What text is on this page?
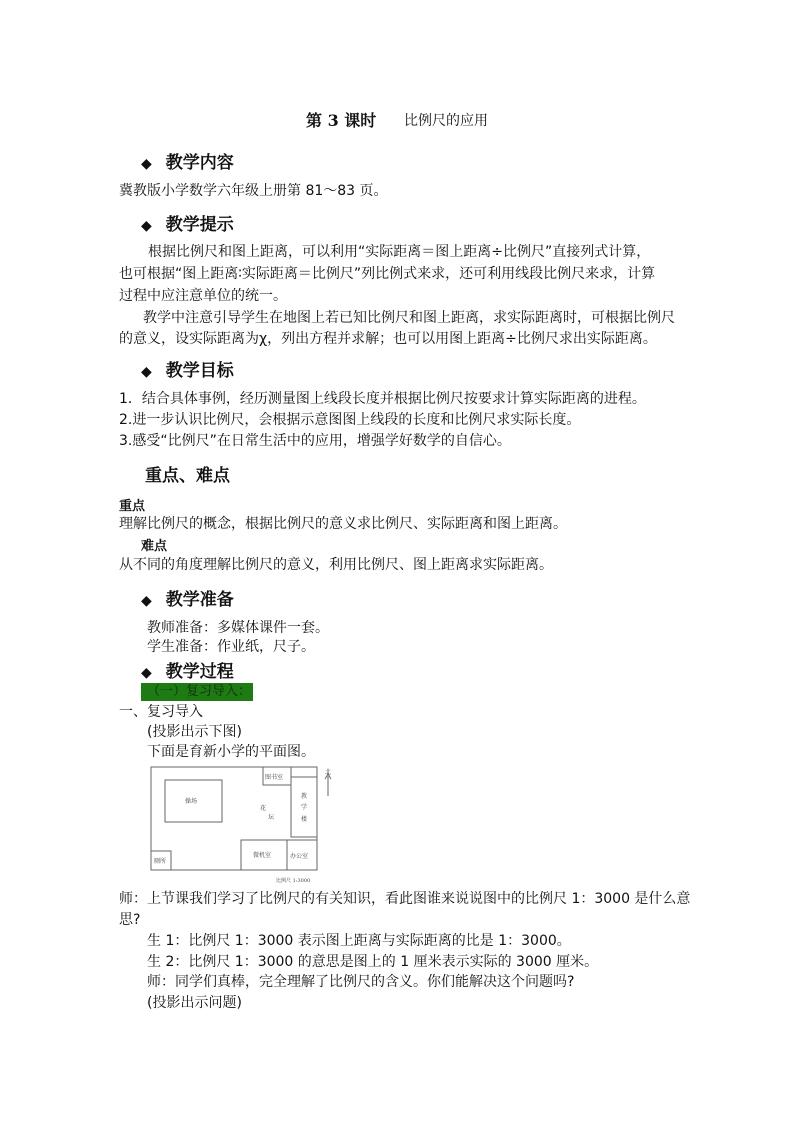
第 3 课时 比例尺的应用
◆ 教学内容
冀教版小学数学六年级上册第 81～83 页。
◆ 教学提示
根据比例尺和图上距离，可以利用“实际距离＝图上距离÷比例尺”直接列式计算，
也可根据“图上距离∶实际距离＝比例尺”列比例式来求，还可利用线段比例尺来求，计算
过程中应注意单位的统一。
教学中注意引导学生在地图上若已知比例尺和图上距离，求实际距离时，可根据比例尺
的意义，设实际距离为χ，列出方程并求解；也可以用图上距离÷比例尺求出实际距离。
◆ 教学目标
1．结合具体事例，经历测量图上线段长度并根据比例尺按要求计算实际距离的进程。
2.进一步认识比例尺，会根据示意图图上线段的长度和比例尺求实际长度。
3.感受“比例尺”在日常生活中的应用，增强学好数学的自信心。
重点、难点
重点
理解比例尺的概念，根据比例尺的意义求比例尺、实际距离和图上距离。
难点
从不同的角度理解比例尺的意义，利用比例尺、图上距离求实际距离。
◆ 教学准备
教师准备：多媒体课件一套。
学生准备：作业纸，尺子。
◆ 教学过程
（一）复习导入：
一、复习导入
(投影出示下图)
下面是育新小学的平面图。
图书室
操场
花
坛
教
学
楼
厕所
微机室	办公室
北
比例尺 1:3000
师：上节课我们学习了比例尺的有关知识，看此图谁来说说图中的比例尺 1：3000 是什么意
思?
生 1：比例尺 1：3000 表示图上距离与实际距离的比是 1：3000。
生 2：比例尺 1：3000 的意思是图上的 1 厘米表示实际的 3000 厘米。
师：同学们真棒，完全理解了比例尺的含义。你们能解决这个问题吗?
(投影出示问题)
